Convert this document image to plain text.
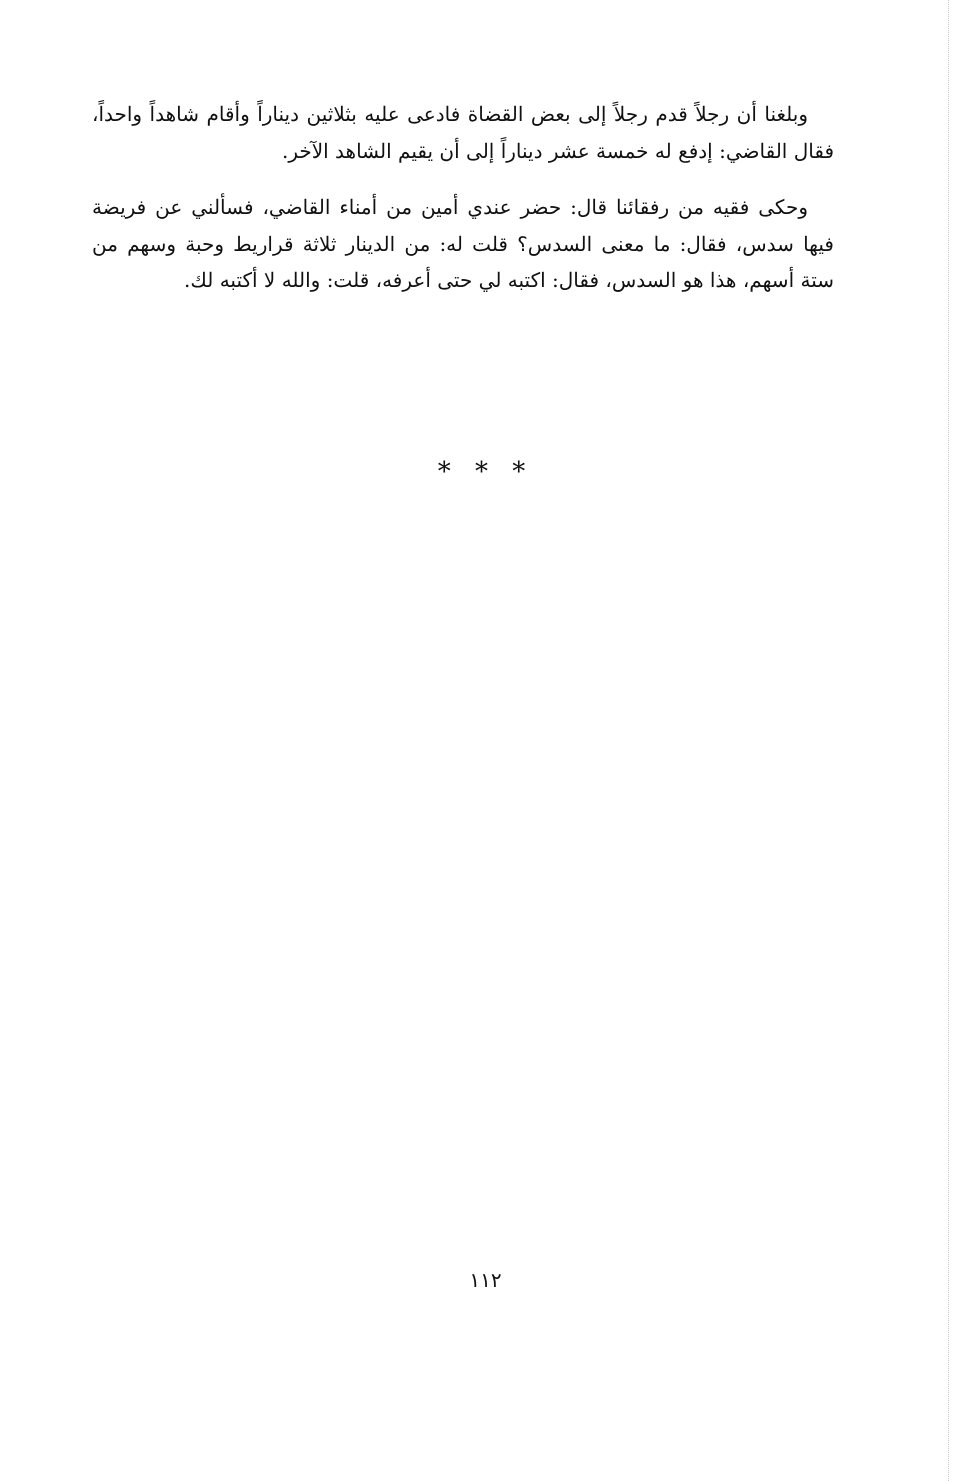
وبلغنا أن رجلاً قدم رجلاً إلى بعض القضاة فادعى عليه بثلاثين ديناراً وأقام شاهداً واحداً، فقال القاضي: إدفع له خمسة عشر ديناراً إلى أن يقيم الشاهد الآخر.

وحكى فقيه من رفقائنا قال: حضر عندي أمين من أمناء القاضي، فسألني عن فريضة فيها سدس، فقال: ما معنى السدس؟ قلت له: من الدينار ثلاثة قراريط وحبة وسهم من ستة أسهم، هذا هو السدس، فقال: اكتبه لي حتى أعرفه، قلت: والله لا أكتبه لك.

* * *
١١٢
